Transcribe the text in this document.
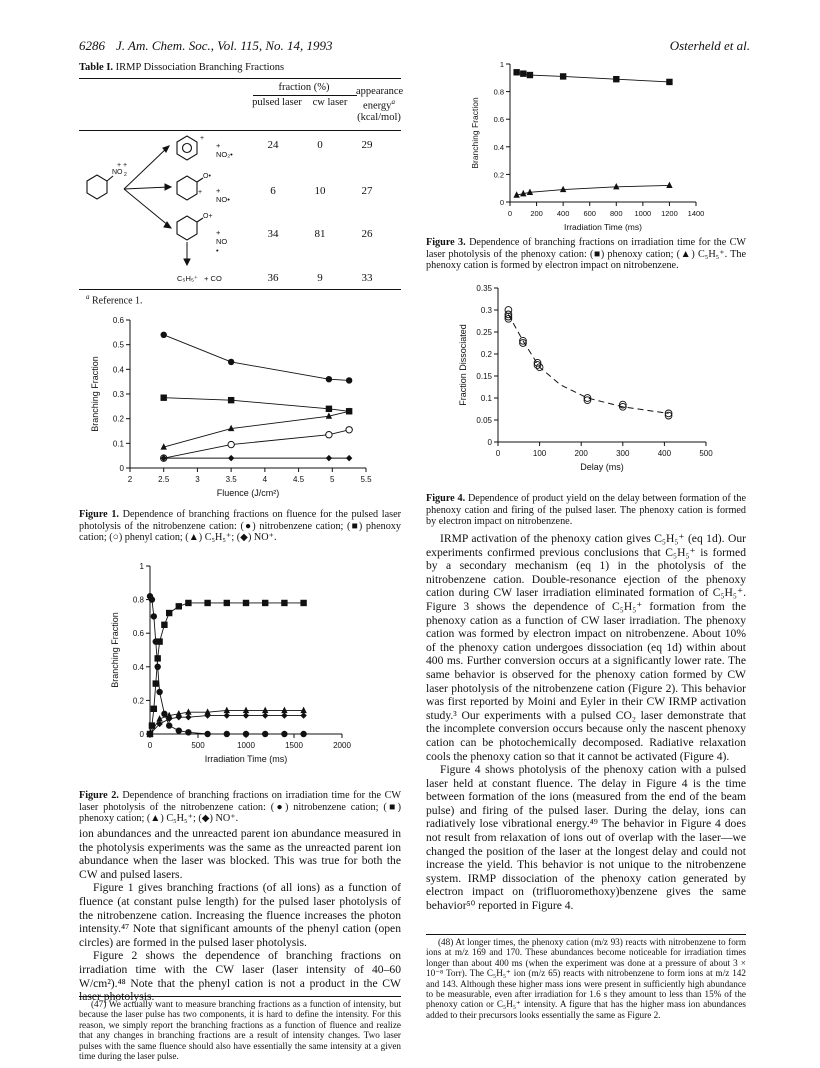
6286 J. Am. Chem. Soc., Vol. 115, No. 14, 1993	Osterheld et al.
Table I. IRMP Dissociation Branching Fractions
fraction (%)
pulsed laser	cw laser
appearance energy$^a$
(kcal/mol)
NO 2
+ +
+
O•
+
O+
+ NO₂•
24	0	29
+ NO•
6	10	27
+ NO •
34	81	26
C₅H₅⁺   + CO	36	9	33
$^a$ Reference 1.
0
0.1
0.2
0.3
0.4
0.5
0.6
2	2.5	3	3.5	4	4.5	5	5.5
Fluence (J/cm²)
Branching Fraction
Figure 1. Dependence of branching fractions on fluence for the pulsed laser photolysis of the nitrobenzene cation: (●) nitrobenzene cation; (■) phenoxy cation; (○) phenyl cation; (▲) C₅H₅⁺; (◆) NO⁺.
0
0.2
0.4
0.6
0.8
1
0	500	1000	1500	2000
Irradiation Time (ms)
Branching Fraction
Figure 2. Dependence of branching fractions on irradiation time for the CW laser photolysis of the nitrobenzene cation: (●) nitrobenzene cation; (■) phenoxy cation; (▲) C₅H₅⁺; (◆) NO⁺.

ion abundances and the unreacted parent ion abundance measured in the photolysis experiments was the same as the unreacted parent ion abundance when the laser was blocked. This was true for both the CW and pulsed lasers.

Figure 1 gives branching fractions (of all ions) as a function of fluence (at constant pulse length) for the pulsed laser photolysis of the nitrobenzene cation. Increasing the fluence increases the photon intensity.⁴⁷ Note that significant amounts of the phenyl cation (open circles) are formed in the pulsed laser photolysis.

Figure 2 shows the dependence of branching fractions on irradiation time with the CW laser (laser intensity of 40–60 W/cm²).⁴⁸ Note that the phenyl cation is not a product in the CW laser photolysis.

(47) We actually want to measure branching fractions as a function of intensity, but because the laser pulse has two components, it is hard to define the intensity. For this reason, we simply report the branching fractions as a function of fluence and realize that any changes in branching fractions are a result of intensity changes. Two laser pulses with the same fluence should also have essentially the same intensity at a given time during the laser pulse.
0
0.2
0.4
0.6
0.8
1
0 200 400 600 800 1000 1200 1400
Irradiation Time (ms)
Branching Fraction
Figure 3. Dependence of branching fractions on irradiation time for the CW laser photolysis of the phenoxy cation: (■) phenoxy cation; (▲) C₅H₅⁺. The phenoxy cation is formed by electron impact on nitrobenzene.
0
0.05
0.1
0.15
0.2
0.25
0.3
0.35
0	100	200	300	400	500
Delay (ms)
Fraction Dissociated
Figure 4. Dependence of product yield on the delay between formation of the phenoxy cation and firing of the pulsed laser. The phenoxy cation is formed by electron impact on nitrobenzene.

IRMP activation of the phenoxy cation gives C₅H₅⁺ (eq 1d). Our experiments confirmed previous conclusions that C₅H₅⁺ is formed by a secondary mechanism (eq 1) in the photolysis of the nitrobenzene cation. Double-resonance ejection of the phenoxy cation during CW laser irradiation eliminated formation of C₅H₅⁺. Figure 3 shows the dependence of C₅H₅⁺ formation from the phenoxy cation as a function of CW laser irradiation. The phenoxy cation was formed by electron impact on nitrobenzene. About 10% of the phenoxy cation undergoes dissociation (eq 1d) within about 400 ms. Further conversion occurs at a significantly lower rate. The same behavior is observed for the phenoxy cation formed by CW laser photolysis of the nitrobenzene cation (Figure 2). This behavior was first reported by Moini and Eyler in their CW IRMP activation study.³ Our experiments with a pulsed CO₂ laser demonstrate that the incomplete conversion occurs because only the nascent phenoxy cation can be photochemically decomposed. Radiative relaxation cools the phenoxy cation so that it cannot be activated (Figure 4).

Figure 4 shows photolysis of the phenoxy cation with a pulsed laser held at constant fluence. The delay in Figure 4 is the time between formation of the ions (measured from the end of the beam pulse) and firing of the pulsed laser. During the delay, ions can radiatively lose vibrational energy.⁴⁹ The behavior in Figure 4 does not result from relaxation of ions out of overlap with the laser—we changed the position of the laser at the longest delay and could not increase the yield. This behavior is not unique to the nitrobenzene system. IRMP dissociation of the phenoxy cation generated by electron impact on (trifluoromethoxy)benzene gives the same behavior⁵⁰ reported in Figure 4.

(48) At longer times, the phenoxy cation (m/z 93) reacts with nitrobenzene to form ions at m/z 169 and 170. These abundances become noticeable for irradiation times longer than about 400 ms (when the experiment was done at a pressure of about 3 × 10⁻⁸ Torr). The C₅H₅⁺ ion (m/z 65) reacts with nitrobenzene to form ions at m/z 142 and 143. Although these higher mass ions were present in sufficiently high abundance to be measurable, even after irradiation for 1.6 s they amount to less than 15% of the phenoxy cation or C₅H₅⁺ intensity. A figure that has the higher mass ion abundances added to their precursors looks essentially the same as Figure 2.
